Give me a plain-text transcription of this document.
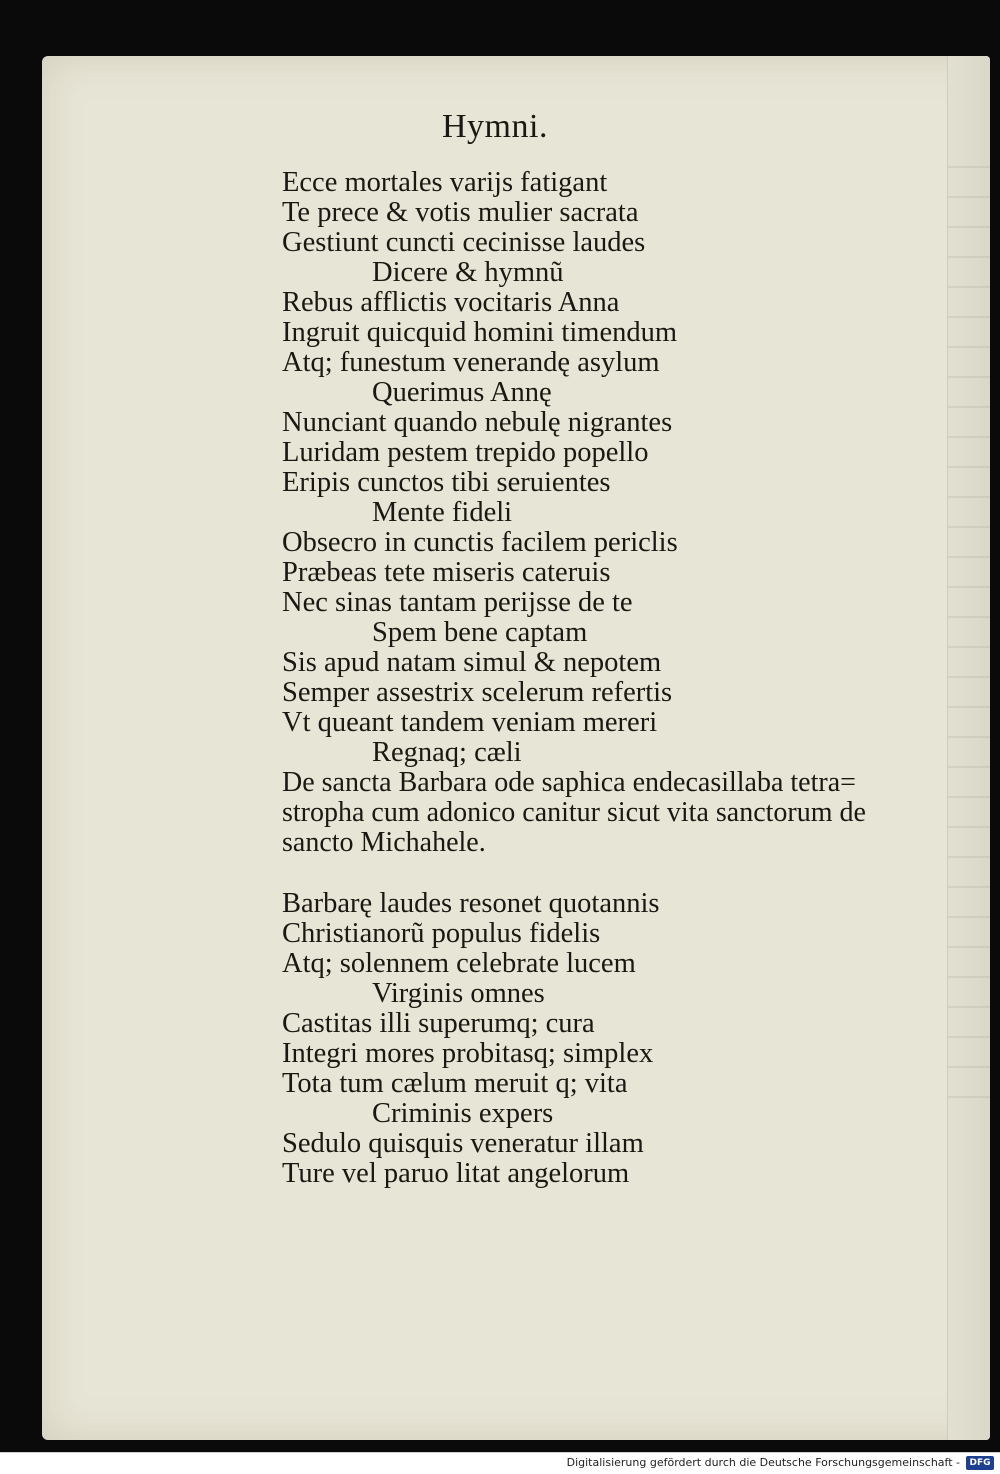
Hymni.
Ecce mortales varijs fatigant
Te prece & votis mulier sacrata
Gestiunt cuncti cecinisse laudes
Dicere & hymnũ
Rebus afflictis vocitaris Anna
Ingruit quicquid homini timendum
Atq; funestum venerandę asylum
Querimus Annę
Nunciant quando nebulę nigrantes
Luridam pestem trepido popello
Eripis cunctos tibi seruientes
Mente fideli
Obsecro in cunctis facilem periclis
Præbeas tete miseris cateruis
Nec sinas tantam perijsse de te
Spem bene captam
Sis apud natam simul & nepotem
Semper assestrix scelerum refertis
Vt queant tandem veniam mereri
Regnaq; cæli
De sancta Barbara ode saphica endecasillaba tetra=
stropha cum adonico canitur sicut vita sanctorum de
sancto Michahele.
Barbarę laudes resonet quotannis
Christianorũ populus fidelis
Atq; solennem celebrate lucem
Virginis omnes
Castitas illi superumq; cura
Integri mores probitasq; simplex
Tota tum cælum meruit q; vita
Criminis expers
Sedulo quisquis veneratur illam
Ture vel paruo litat angelorum
Digitalisierung gefördert durch die Deutsche Forschungsgemeinschaft -	DFG
